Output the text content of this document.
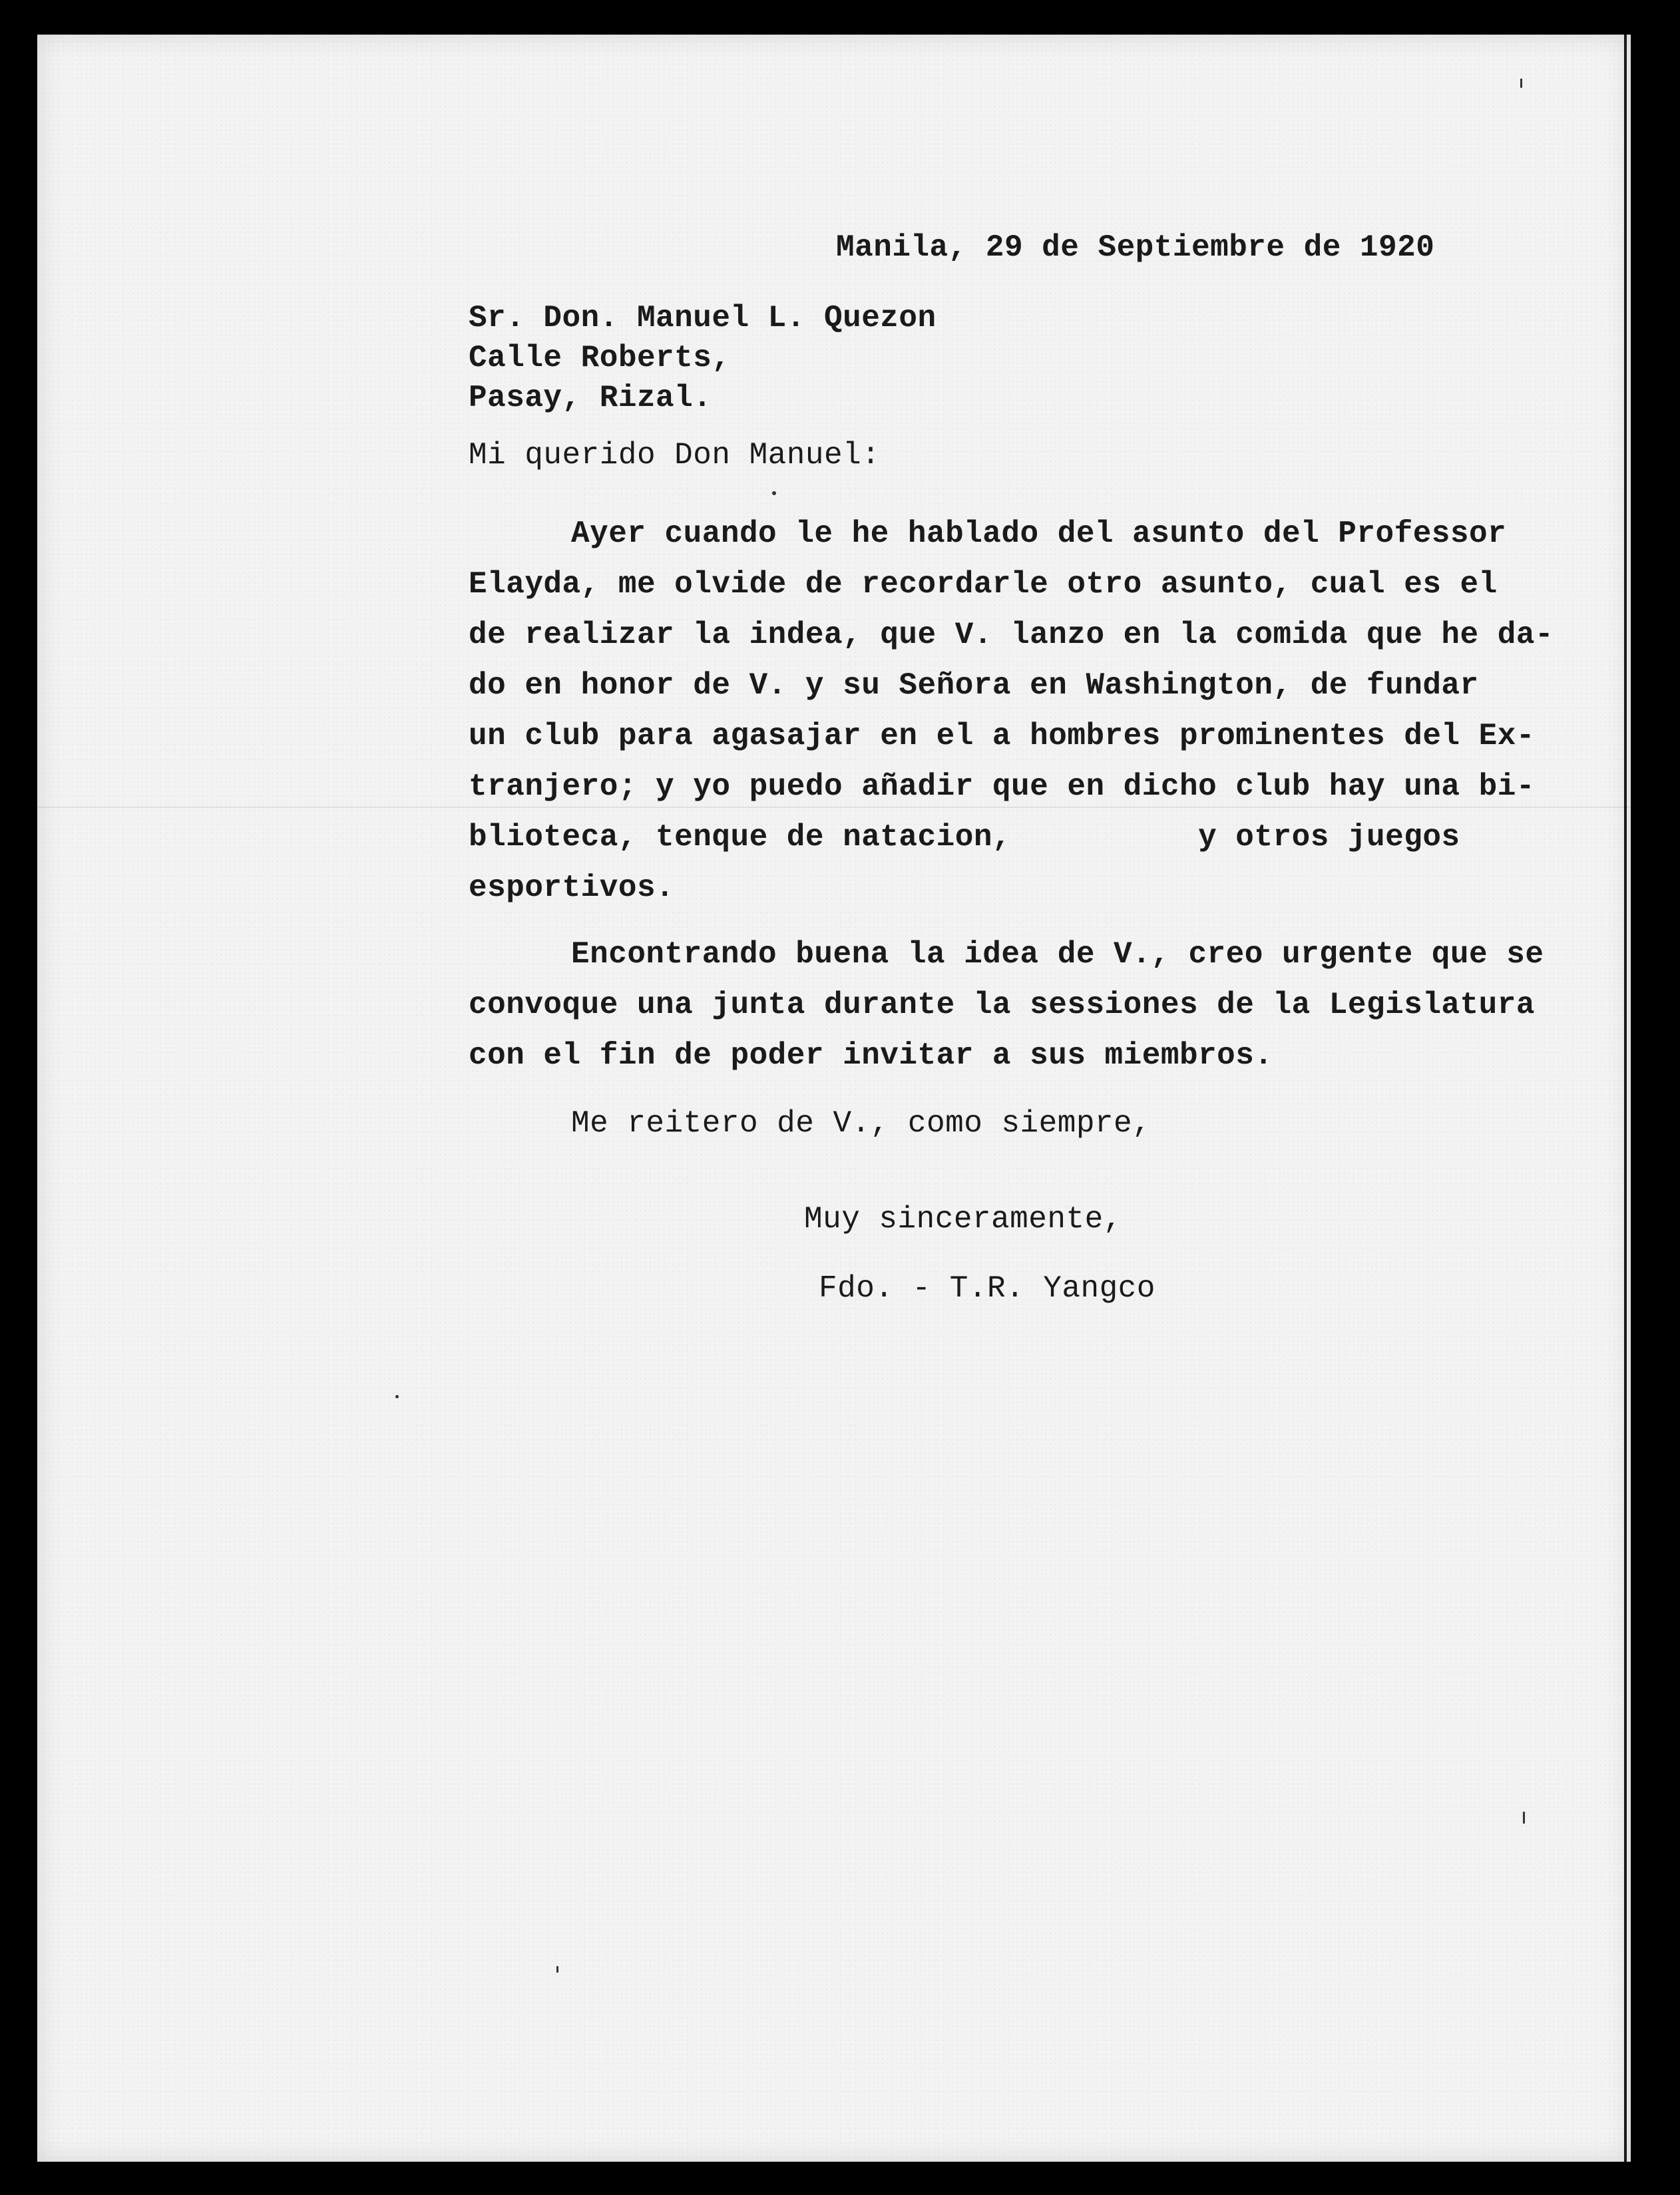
Manila, 29 de Septiembre de 1920
Sr. Don. Manuel L. Quezon
Calle Roberts,
Pasay, Rizal.
Mi querido Don Manuel:
Ayer cuando le he hablado del asunto del Professor
Elayda, me olvide de recordarle otro asunto, cual es el
de realizar la indea, que V. lanzo en la comida que he da-
do en honor de V. y su Señora en Washington, de fundar
un club para agasajar en el a hombres prominentes del Ex-
tranjero; y yo puedo añadir que en dicho club hay una bi-
blioteca, tenque de natacion,          y otros juegos
esportivos.
Encontrando buena la idea de V., creo urgente que se
convoque una junta durante la sessiones de la Legislatura
con el fin de poder invitar a sus miembros.
Me reitero de V., como siempre,
Muy sinceramente,
Fdo. - T.R. Yangco
